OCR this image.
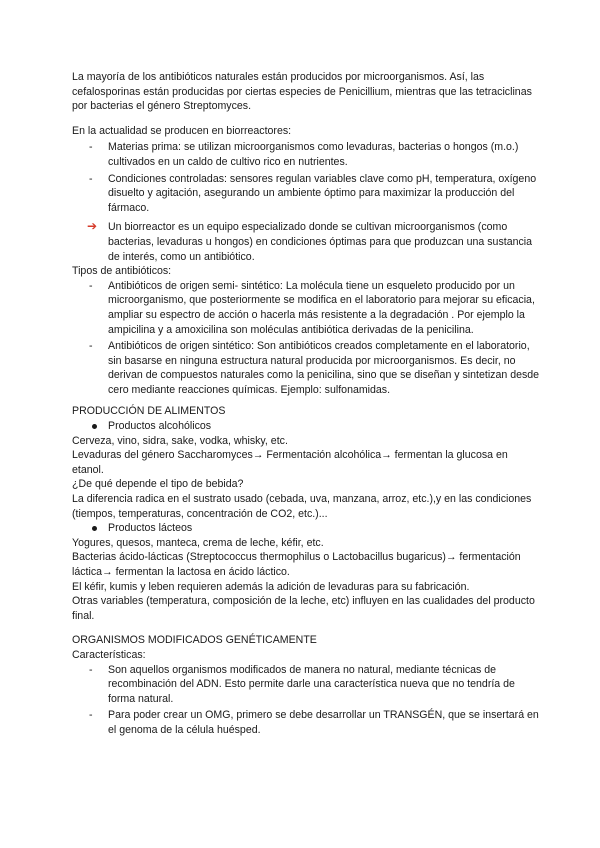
La mayoría de los antibióticos naturales están producidos por microorganismos. Así, las cefalosporinas están producidas por ciertas especies de Penicillium, mientras que las tetraciclinas por bacterias el género Streptomyces.

En la actualidad se producen en biorreactores:

- Materias prima: se utilizan microorganismos como levaduras, bacterias o hongos (m.o.) cultivados en un caldo de cultivo rico en nutrientes.
- Condiciones controladas: sensores regulan variables clave como pH, temperatura, oxígeno disuelto y agitación, asegurando un ambiente óptimo para maximizar la producción del fármaco.
➔ Un biorreactor es un equipo especializado donde se cultivan microorganismos (como bacterias, levaduras u hongos) en condiciones óptimas para que produzcan una sustancia de interés, como un antibiótico.

Tipos de antibióticos:

- Antibióticos de origen semi- sintético: La molécula tiene un esqueleto producido por un microorganismo, que posteriormente se modifica en el laboratorio para mejorar su eficacia, ampliar su espectro de acción o hacerla más resistente a la degradación . Por ejemplo la ampicilina y a amoxicilina son moléculas antibiótica derivadas de la penicilina.
- Antibióticos de origen sintético: Son antibióticos creados completamente en el laboratorio, sin basarse en ninguna estructura natural producida por microorganismos. Es decir, no derivan de compuestos naturales como la penicilina, sino que se diseñan y sintetizan desde cero mediante reacciones químicas. Ejemplo: sulfonamidas.

PRODUCCIÓN DE ALIMENTOS

Productos alcohólicos

Cerveza, vino, sidra, sake, vodka, whisky, etc.

Levaduras del género Saccharomyces→ Fermentación alcohólica→ fermentan la glucosa en etanol.

¿De qué depende el tipo de bebida?

La diferencia radica en el sustrato usado (cebada, uva, manzana, arroz, etc.),y en las condiciones (tiempos, temperaturas, concentración de CO2, etc.)...

Productos lácteos

Yogures, quesos, manteca, crema de leche, kéfir, etc.

Bacterias ácido-lácticas (Streptococcus thermophilus o Lactobacillus bugaricus)→ fermentación láctica→ fermentan la lactosa en ácido láctico.

El kéfir, kumis y leben requieren además la adición de levaduras para su fabricación.

Otras variables (temperatura, composición de la leche, etc) influyen en las cualidades del producto final.

ORGANISMOS MODIFICADOS GENÉTICAMENTE

Características:

- Son aquellos organismos modificados de manera no natural, mediante técnicas de recombinación del ADN. Esto permite darle una característica nueva que no tendría de forma natural.
- Para poder crear un OMG, primero se debe desarrollar un TRANSGÉN, que se insertará en el genoma de la célula huésped.
